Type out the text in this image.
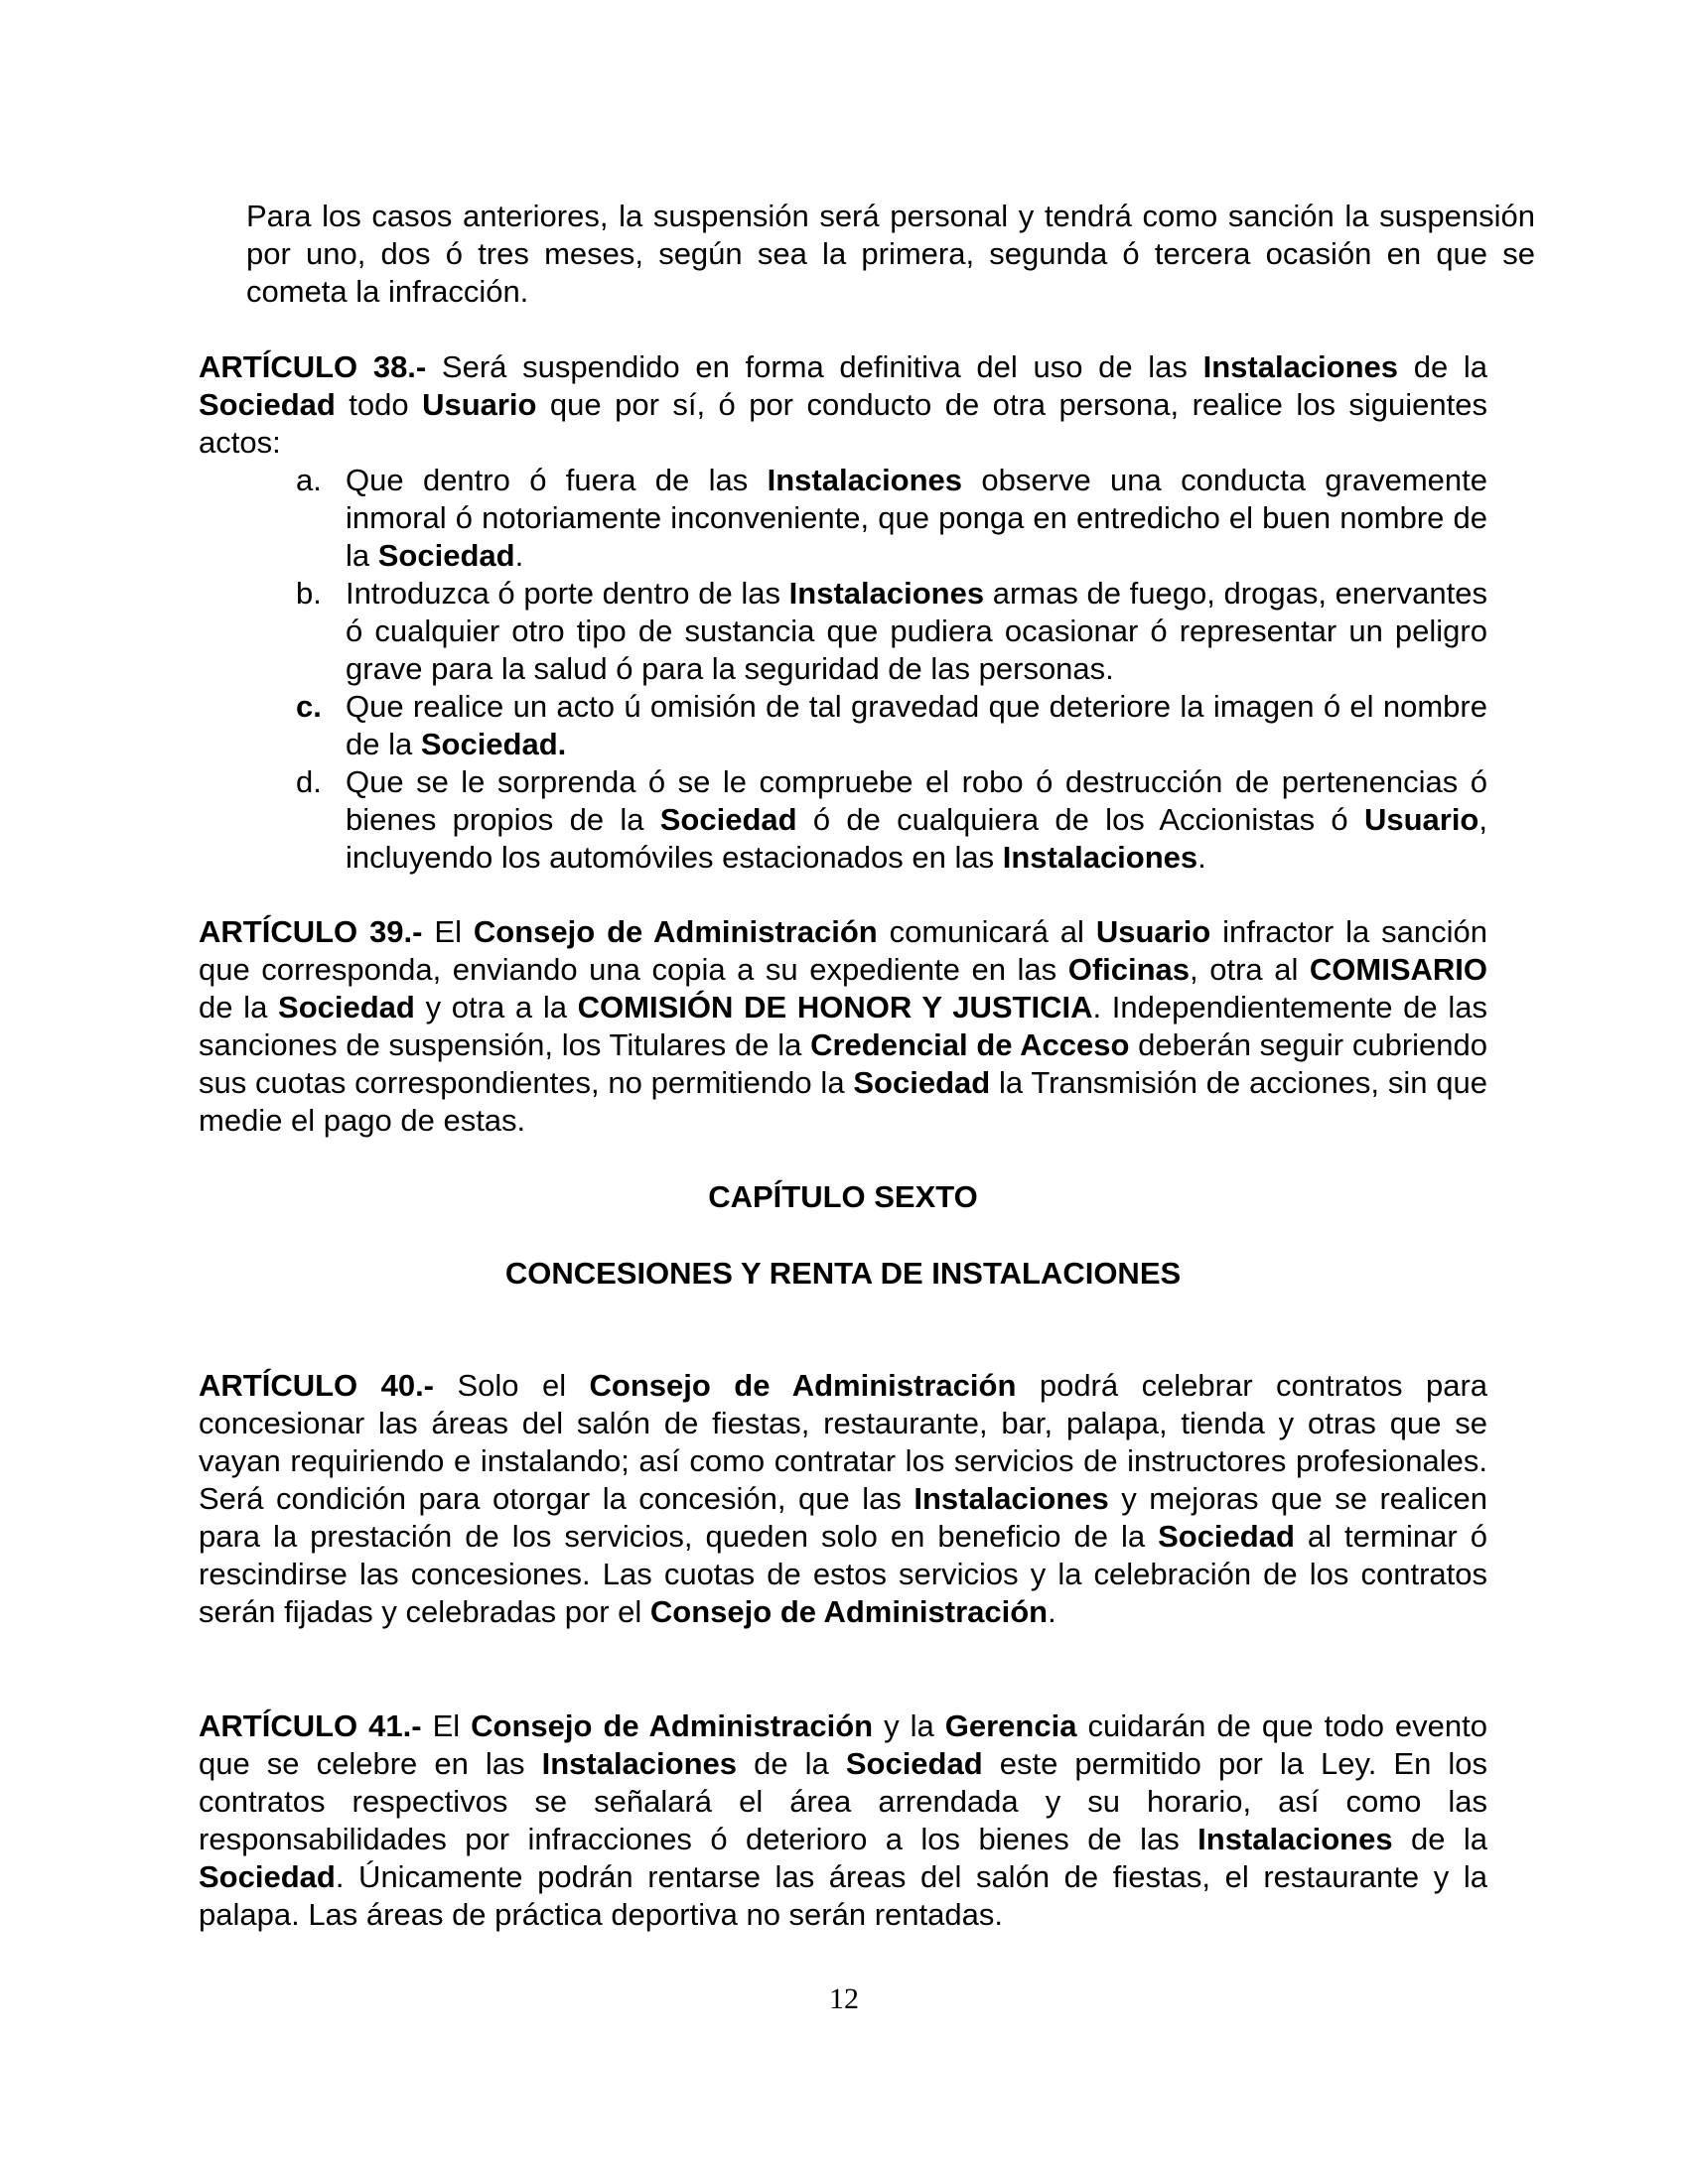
Para los casos anteriores, la suspensión será personal y tendrá como sanción la suspensión por uno, dos ó tres meses, según sea la primera, segunda ó tercera ocasión en que se cometa la infracción.

ARTÍCULO 38.- Será suspendido en forma definitiva del uso de las Instalaciones de la Sociedad todo Usuario que por sí, ó por conducto de otra persona, realice los siguientes actos:

a. Que dentro ó fuera de las Instalaciones observe una conducta gravemente inmoral ó notoriamente inconveniente, que ponga en entredicho el buen nombre de la Sociedad.
b. Introduzca ó porte dentro de las Instalaciones armas de fuego, drogas, enervantes ó cualquier otro tipo de sustancia que pudiera ocasionar ó representar un peligro grave para la salud ó para la seguridad de las personas.
c. Que realice un acto ú omisión de tal gravedad que deteriore la imagen ó el nombre de la Sociedad.
d. Que se le sorprenda ó se le compruebe el robo ó destrucción de pertenencias ó bienes propios de la Sociedad ó de cualquiera de los Accionistas ó Usuario, incluyendo los automóviles estacionados en las Instalaciones.

ARTÍCULO 39.- El Consejo de Administración comunicará al Usuario infractor la sanción que corresponda, enviando una copia a su expediente en las Oficinas, otra al COMISARIO de la Sociedad y otra a la COMISIÓN DE HONOR Y JUSTICIA. Independientemente de las sanciones de suspensión, los Titulares de la Credencial de Acceso deberán seguir cubriendo sus cuotas correspondientes, no permitiendo la Sociedad la Transmisión de acciones, sin que medie el pago de estas.

CAPÍTULO SEXTO
CONCESIONES Y RENTA DE INSTALACIONES

ARTÍCULO 40.- Solo el Consejo de Administración podrá celebrar contratos para concesionar las áreas del salón de fiestas, restaurante, bar, palapa, tienda y otras que se vayan requiriendo e instalando; así como contratar los servicios de instructores profesionales. Será condición para otorgar la concesión, que las Instalaciones y mejoras que se realicen para la prestación de los servicios, queden solo en beneficio de la Sociedad al terminar ó rescindirse las concesiones. Las cuotas de estos servicios y la celebración de los contratos serán fijadas y celebradas por el Consejo de Administración.

ARTÍCULO 41.- El Consejo de Administración y la Gerencia cuidarán de que todo evento que se celebre en las Instalaciones de la Sociedad este permitido por la Ley. En los contratos respectivos se señalará el área arrendada y su horario, así como las responsabilidades por infracciones ó deterioro a los bienes de las Instalaciones de la Sociedad. Únicamente podrán rentarse las áreas del salón de fiestas, el restaurante y la palapa. Las áreas de práctica deportiva no serán rentadas.

12
